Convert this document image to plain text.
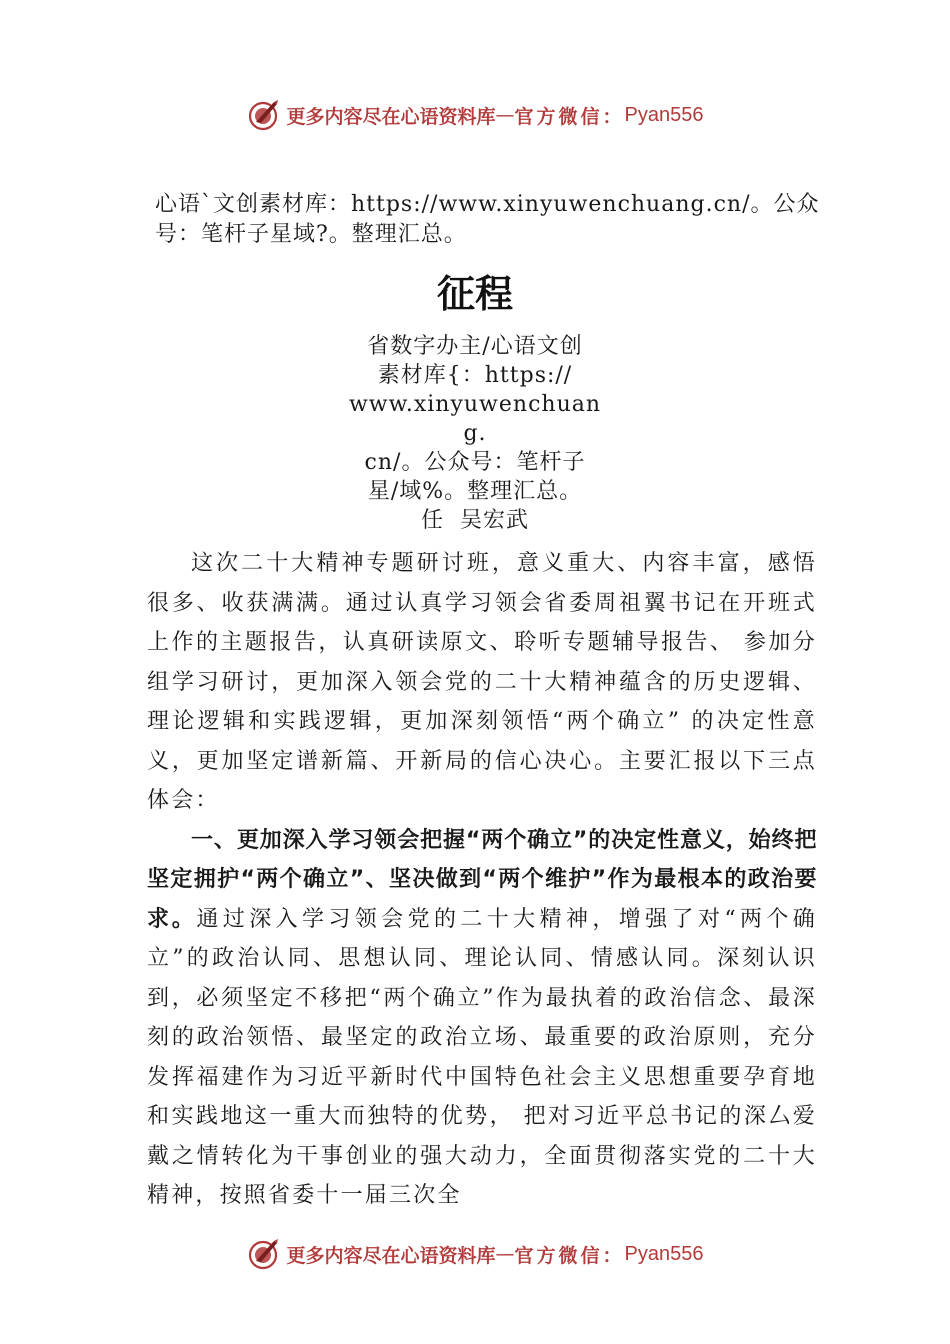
更多内容尽在心语资料库 — 官方微信： Pyan556
心语`文创素材库：https://www.xinyuwenchuang.cn/。公众号：笔杆子星域?。整理汇总。
征程
省数字办主/心语文创
素材库{：https://
www.xinyuwenchuang.
cn/。公众号：笔杆子
星/域%。整理汇总。
任  吴宏武

这次二十大精神专题研讨班，意义重大、内容丰富，感悟很多、收获满满。通过认真学习领会省委周祖翼书记在开班式上作的主题报告，认真研读原文、聆听专题辅导报告、 参加分组学习研讨，更加深入领会党的二十大精神蕴含的历史逻辑、理论逻辑和实践逻辑，更加深刻领悟“两个确立” 的决定性意义，更加坚定谱新篇、开新局的信心决心。主要汇报以下三点体会：

一、更加深入学习领会把握“两个确立”的决定性意义，始终把坚定拥护“两个确立”、坚决做到“两个维护”作为最根本的政治要求。通过深入学习领会党的二十大精神，增强了对“两个确立”的政治认同、思想认同、理论认同、情感认同。深刻认识到，必须坚定不移把“两个确立”作为最执着的政治信念、最深刻的政治领悟、最坚定的政治立场、最重要的政治原则，充分发挥福建作为习近平新时代中国特色社会主义思想重要孕育地和实践地这一重大而独特的优势， 把对习近平总书记的深厶爱戴之情转化为干事创业的强大动力，全面贯彻落实党的二十大精神，按照省委十一届三次全

更多内容尽在心语资料库 — 官方微信： Pyan556
